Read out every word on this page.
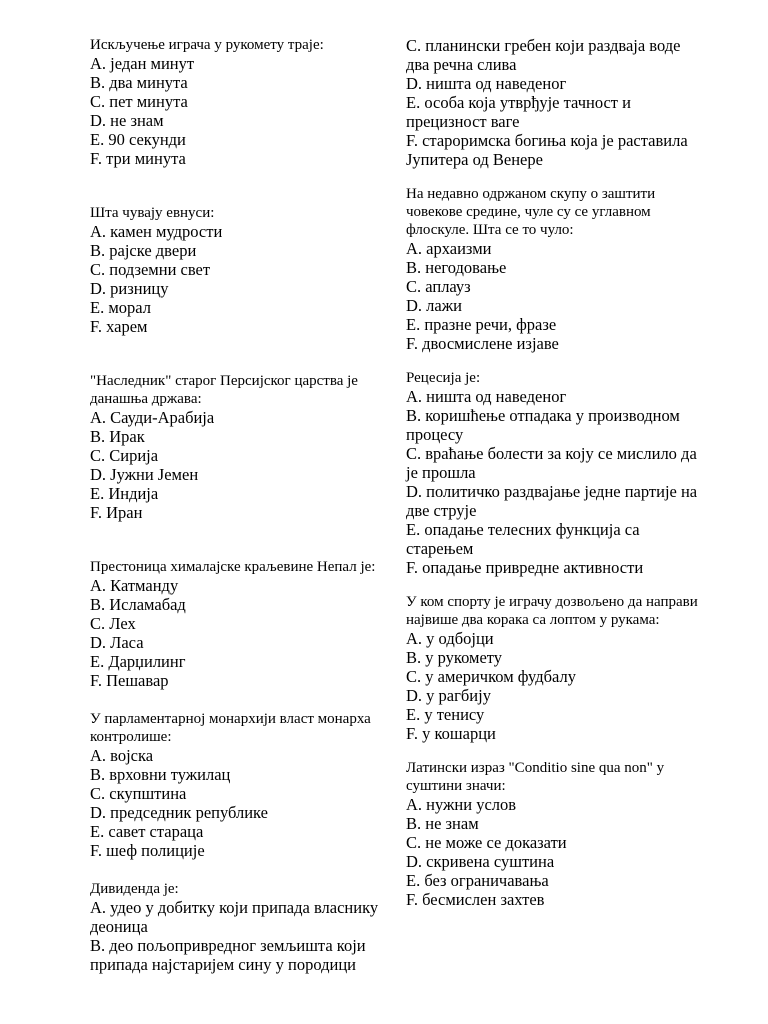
Искључење играча у рукомету траје:

A. један минут

B. два минута

C. пет минута

D. не знам

E. 90 секунди

F. три минута

Шта чувају евнуси:

A. камен мудрости

B. рајске двери

C. подземни свет

D. ризницу

E. морал

F. харем

"Наследник" старог Персијског царства је данашња држава:

A. Сауди-Арабија

B. Ирак

C. Сирија

D. Јужни Јемен

E. Индија

F. Иран

Престоница хималајске краљевине Непал је:

A. Катманду

B. Исламабад

C. Лех

D. Ласа

E. Дарџилинг

F. Пешавар

У парламентарној монархији власт монарха контролише:

A. војска

B. врховни тужилац

C. скупштина

D. председник републике

E. савет стараца

F. шеф полиције

Дивиденда је:

A. удео у добитку који припада власнику деоница

B. део пољопривредног земљишта који припада најстаријем сину у породици

C. планински гребен који раздваја воде два речна слива

D. ништа од наведеног

E. особа која утврђује тачност и прецизност ваге

F. староримска богиња која је раставила Јупитера од Венере

На недавно одржаном скупу о заштити човекове средине, чуле су се углавном флоскуле. Шта се то чуло:

A. архаизми

B. негодовање

C. аплауз

D. лажи

E. празне речи, фразе

F. двосмислене изјаве

Рецесија је:

A. ништа од наведеног

B. коришћење отпадака у производном процесу

C. враћање болести за коју се мислило да је прошла

D. политичко раздвајање једне партије на две струје

E. опадање телесних функција са старењем

F. опадање привредне активности

У ком спорту је играчу дозвољено да направи највише два корака са лоптом у рукама:

A. у одбојци

B. у рукомету

C. у америчком фудбалу

D. у рагбију

E. у тенису

F. у кошарци

Латински израз "Conditio sine qua non" у суштини значи:

A. нужни услов

B. не знам

C. не може се доказати

D. скривена суштина

E. без ограничавања

F. бесмислен захтев
